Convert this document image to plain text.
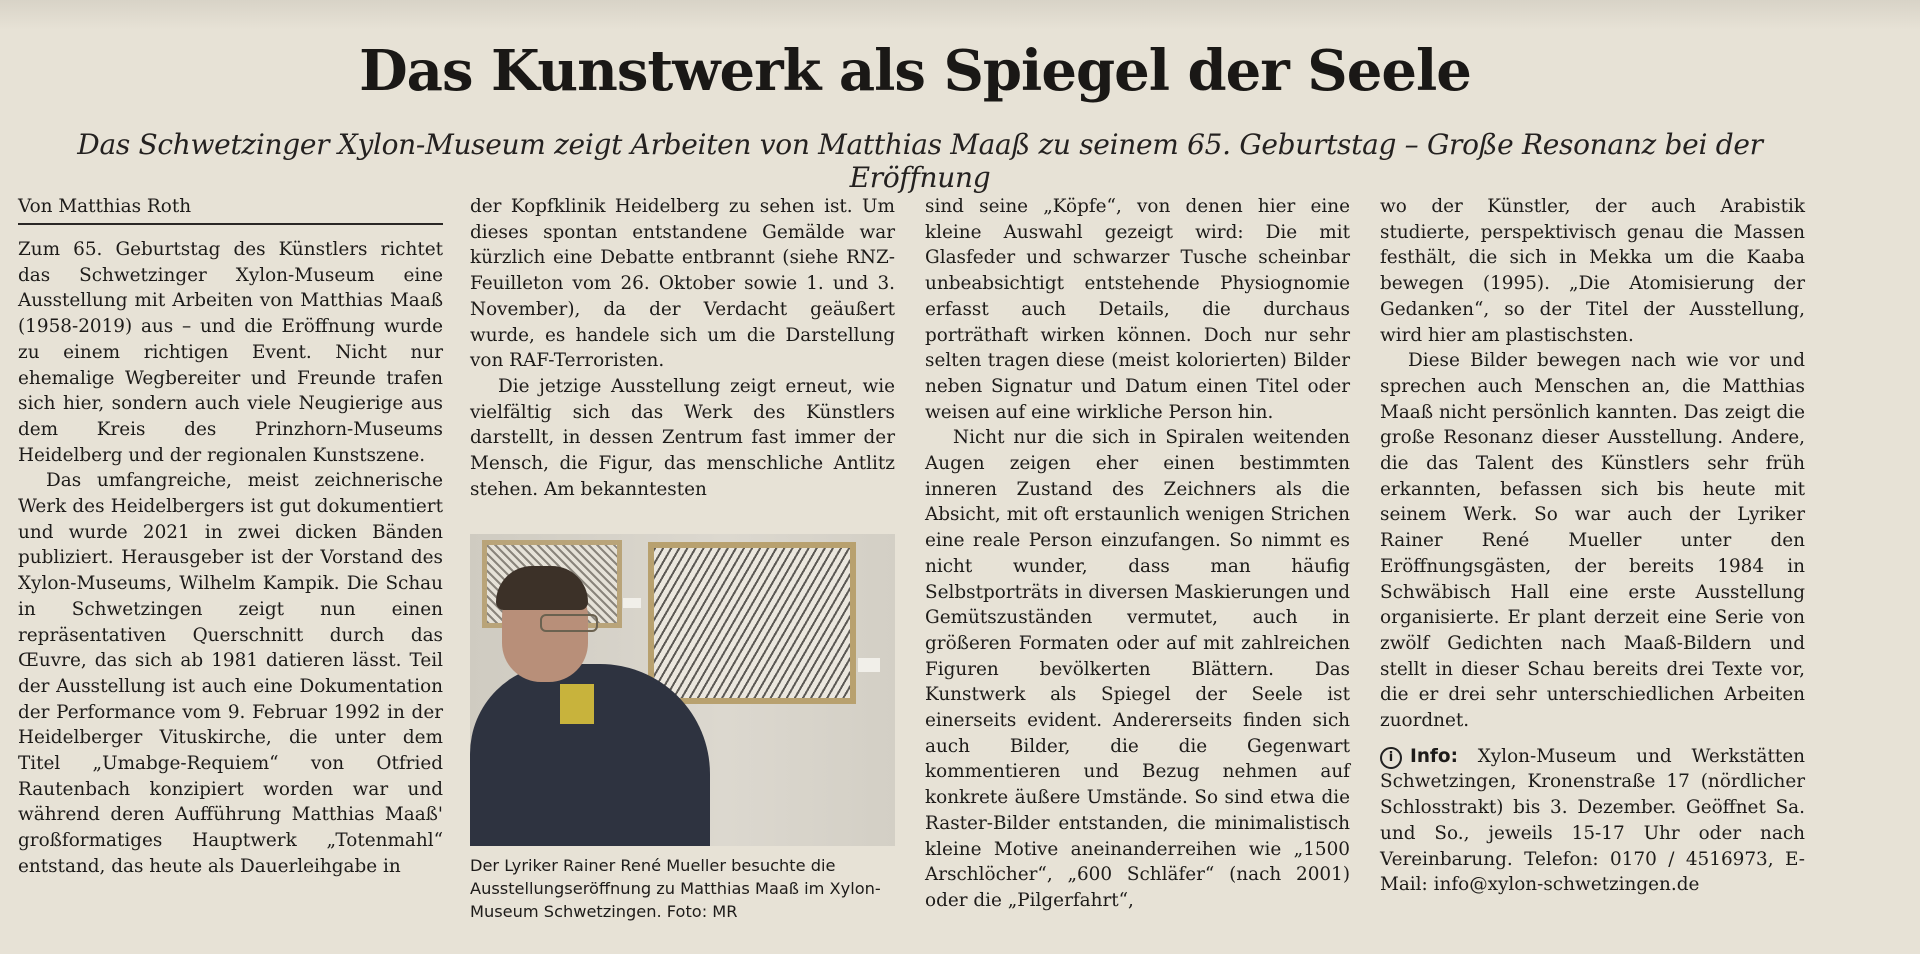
Das Kunstwerk als Spiegel der Seele
Das Schwetzinger Xylon-Museum zeigt Arbeiten von Matthias Maaß zu seinem 65. Geburtstag – Große Resonanz bei der Eröffnung
Von Matthias Roth

Zum 65. Geburtstag des Künstlers richtet das Schwetzinger Xylon-Museum eine Ausstellung mit Arbeiten von Matthias Maaß (1958-2019) aus – und die Eröffnung wurde zu einem richtigen Event. Nicht nur ehemalige Wegbereiter und Freunde trafen sich hier, sondern auch viele Neugierige aus dem Kreis des Prinzhorn-Museums Heidelberg und der regionalen Kunstszene.

Das umfangreiche, meist zeichnerische Werk des Heidelbergers ist gut dokumentiert und wurde 2021 in zwei dicken Bänden publiziert. Herausgeber ist der Vorstand des Xylon-Museums, Wilhelm Kampik. Die Schau in Schwetzingen zeigt nun einen repräsentativen Querschnitt durch das Œuvre, das sich ab 1981 datieren lässt. Teil der Ausstellung ist auch eine Dokumentation der Performance vom 9. Februar 1992 in der Heidelberger Vituskirche, die unter dem Titel „Umabge-Requiem“ von Otfried Rautenbach konzipiert worden war und während deren Aufführung Matthias Maaß' großformatiges Hauptwerk „Totenmahl“ entstand, das heute als Dauerleihgabe in

der Kopfklinik Heidelberg zu sehen ist. Um dieses spontan entstandene Gemälde war kürzlich eine Debatte entbrannt (siehe RNZ-Feuilleton vom 26. Oktober sowie 1. und 3. November), da der Verdacht geäußert wurde, es handele sich um die Darstellung von RAF-Terroristen.

Die jetzige Ausstellung zeigt erneut, wie vielfältig sich das Werk des Künstlers darstellt, in dessen Zentrum fast immer der Mensch, die Figur, das menschliche Antlitz stehen. Am bekanntesten

Der Lyriker Rainer René Mueller besuchte die Ausstellungseröffnung zu Matthias Maaß im Xylon-Museum Schwetzingen. Foto: MR

sind seine „Köpfe“, von denen hier eine kleine Auswahl gezeigt wird: Die mit Glasfeder und schwarzer Tusche scheinbar unbeabsichtigt entstehende Physiognomie erfasst auch Details, die durchaus porträthaft wirken können. Doch nur sehr selten tragen diese (meist kolorierten) Bilder neben Signatur und Datum einen Titel oder weisen auf eine wirkliche Person hin.

Nicht nur die sich in Spiralen weitenden Augen zeigen eher einen bestimmten inneren Zustand des Zeichners als die Absicht, mit oft erstaunlich wenigen Strichen eine reale Person einzufangen. So nimmt es nicht wunder, dass man häufig Selbstporträts in diversen Maskierungen und Gemütszuständen vermutet, auch in größeren Formaten oder auf mit zahlreichen Figuren bevölkerten Blättern. Das Kunstwerk als Spiegel der Seele ist einerseits evident. Andererseits finden sich auch Bilder, die die Gegenwart kommentieren und Bezug nehmen auf konkrete äußere Umstände. So sind etwa die Raster-Bilder entstanden, die minimalistisch kleine Motive aneinanderreihen wie „1500 Arschlöcher“, „600 Schläfer“ (nach 2001) oder die „Pilgerfahrt“,

wo der Künstler, der auch Arabistik studierte, perspektivisch genau die Massen festhält, die sich in Mekka um die Kaaba bewegen (1995). „Die Atomisierung der Gedanken“, so der Titel der Ausstellung, wird hier am plastischsten.

Diese Bilder bewegen nach wie vor und sprechen auch Menschen an, die Matthias Maaß nicht persönlich kannten. Das zeigt die große Resonanz dieser Ausstellung. Andere, die das Talent des Künstlers sehr früh erkannten, befassen sich bis heute mit seinem Werk. So war auch der Lyriker Rainer René Mueller unter den Eröffnungsgästen, der bereits 1984 in Schwäbisch Hall eine erste Ausstellung organisierte. Er plant derzeit eine Serie von zwölf Gedichten nach Maaß-Bildern und stellt in dieser Schau bereits drei Texte vor, die er drei sehr unterschiedlichen Arbeiten zuordnet.

i Info: Xylon-Museum und Werkstätten Schwetzingen, Kronenstraße 17 (nördlicher Schlosstrakt) bis 3. Dezember. Geöffnet Sa. und So., jeweils 15-17 Uhr oder nach Vereinbarung. Telefon: 0170 / 4516973, E-Mail: info@xylon-schwetzingen.de
